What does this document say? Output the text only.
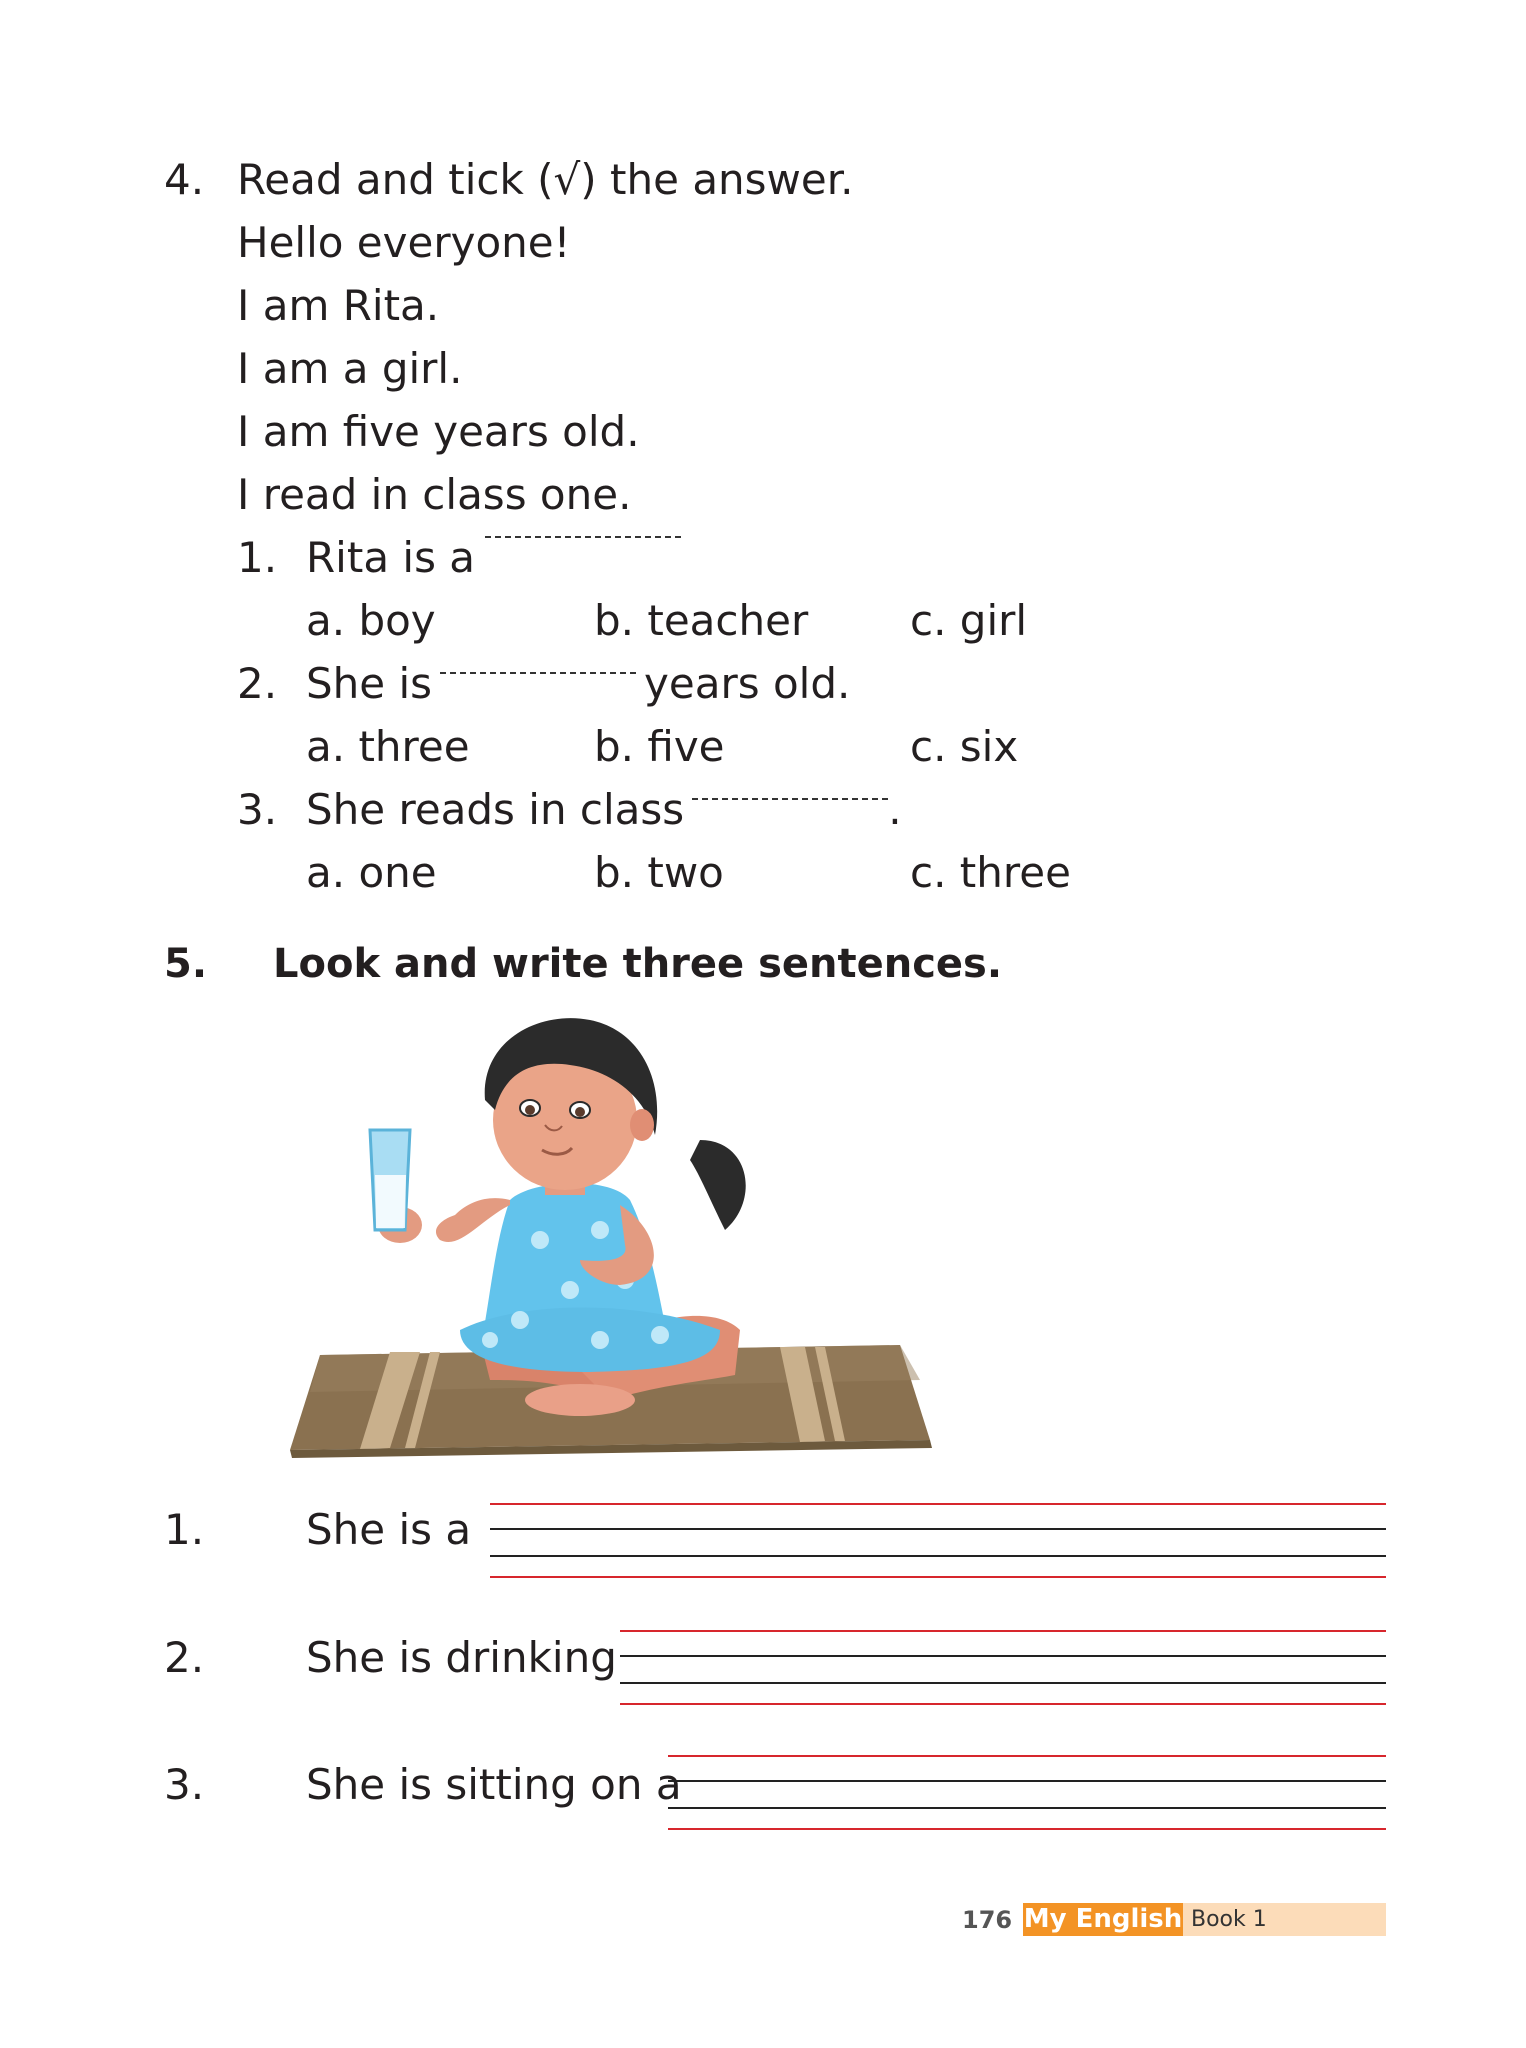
4. Read and tick (√) the answer.
Hello everyone!
I am Rita.
I am a girl.
I am five years old.
I read in class one.
1. Rita is a
a. boy	b. teacher c. girl
2. She is	years old.
a. three	b. five	c. six
3. She reads in class	.
a. one	b. two	c. three
5. Look and write three sentences.
1. She is a
2. She is drinking
3. She is sitting on a
176 My English Book 1
